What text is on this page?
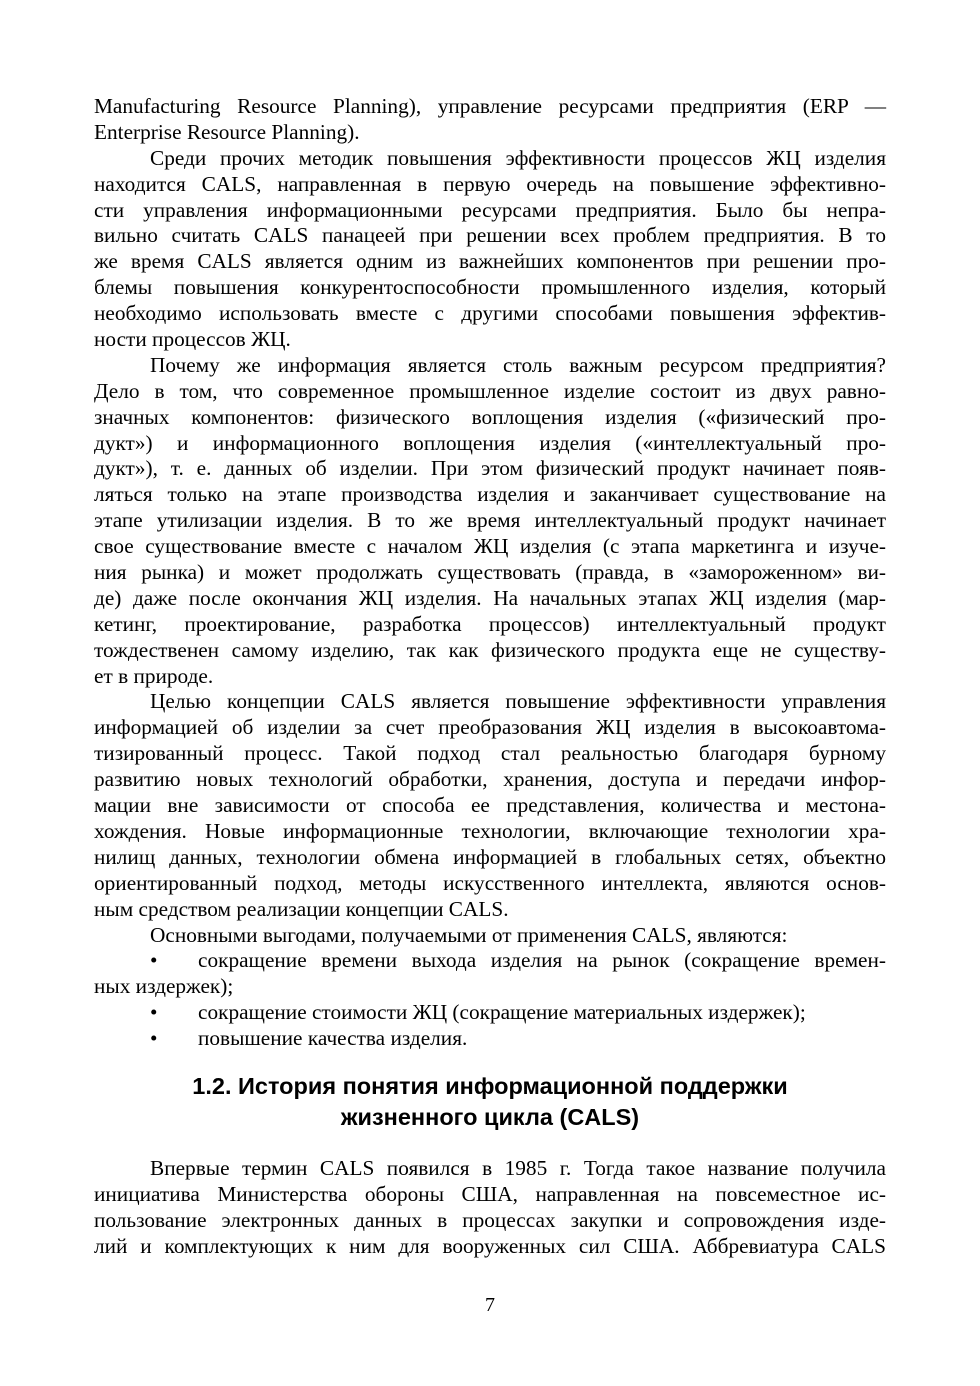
Manufacturing Resource Planning), управление ресурсами предприятия (ERP —
Enterprise Resource Planning).
Среди прочих методик повышения эффективности процессов ЖЦ изделия
находится CALS, направленная в первую очередь на повышение эффективно-
сти управления информационными ресурсами предприятия. Было бы непра-
вильно считать CALS панацеей при решении всех проблем предприятия. В то
же время CALS является одним из важнейших компонентов при решении про-
блемы повышения конкурентоспособности промышленного изделия, который
необходимо использовать вместе с другими способами повышения эффектив-
ности процессов ЖЦ.
Почему же информация является столь важным ресурсом предприятия?
Дело в том, что современное промышленное изделие состоит из двух равно-
значных компонентов: физического воплощения изделия («физический про-
дукт») и информационного воплощения изделия («интеллектуальный про-
дукт»), т. е. данных об изделии. При этом физический продукт начинает появ-
ляться только на этапе производства изделия и заканчивает существование на
этапе утилизации изделия. В то же время интеллектуальный продукт начинает
свое существование вместе с началом ЖЦ изделия (с этапа маркетинга и изуче-
ния рынка) и может продолжать существовать (правда, в «замороженном» ви-
де) даже после окончания ЖЦ изделия. На начальных этапах ЖЦ изделия (мар-
кетинг, проектирование, разработка процессов) интеллектуальный продукт
тождественен самому изделию, так как физического продукта еще не существу-
ет в природе.
Целью концепции CALS является повышение эффективности управления
информацией об изделии за счет преобразования ЖЦ изделия в высокоавтома-
тизированный процесс. Такой подход стал реальностью благодаря бурному
развитию новых технологий обработки, хранения, доступа и передачи инфор-
мации вне зависимости от способа ее представления, количества и местона-
хождения. Новые информационные технологии, включающие технологии хра-
нилищ данных, технологии обмена информацией в глобальных сетях, объектно
ориентированный подход, методы искусственного интеллекта, являются основ-
ным средством реализации концепции CALS.
Основными выгодами, получаемыми от применения CALS, являются:
• сокращение времени выхода изделия на рынок (сокращение времен-
ных издержек);
• сокращение стоимости ЖЦ (сокращение материальных издержек);
• повышение качества изделия.
1.2. История понятия информационной поддержки
жизненного цикла (CALS)
Впервые термин CALS появился в 1985 г. Тогда такое название получила
инициатива Министерства обороны США, направленная на повсеместное ис-
пользование электронных данных в процессах закупки и сопровождения изде-
лий и комплектующих к ним для вооруженных сил США. Аббревиатура CALS
7
